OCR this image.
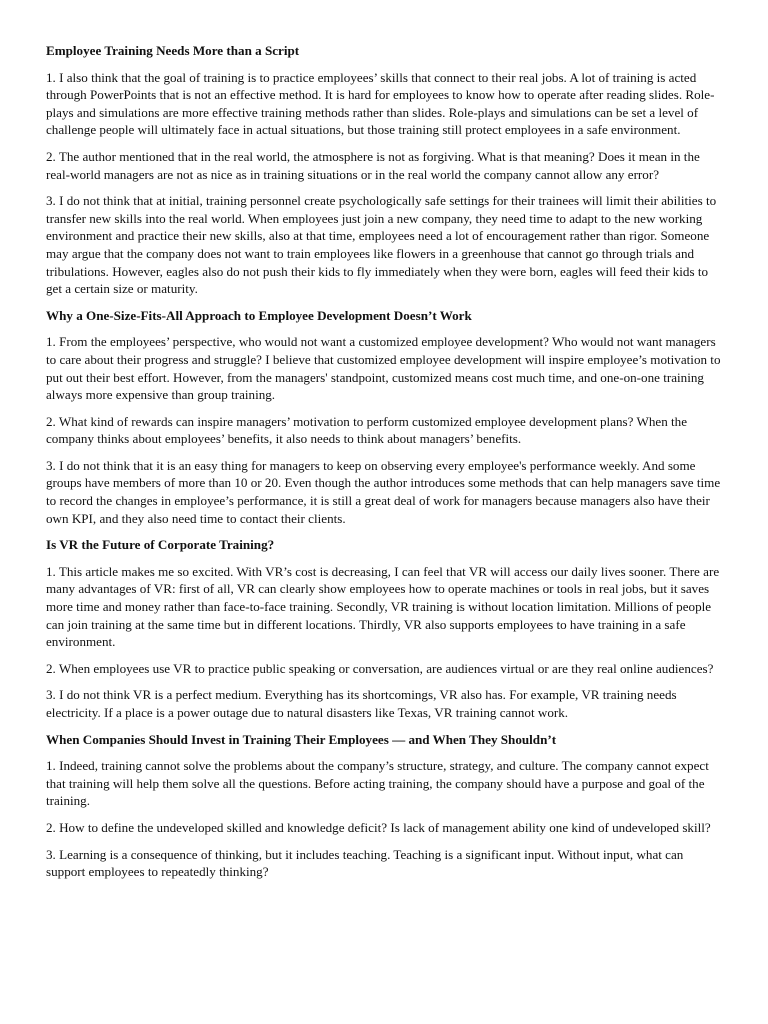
Employee Training Needs More than a Script

1. I also think that the goal of training is to practice employees’ skills that connect to their real jobs. A lot of training is acted through PowerPoints that is not an effective method. It is hard for employees to know how to operate after reading slides. Role-plays and simulations are more effective training methods rather than slides. Role-plays and simulations can be set a level of challenge people will ultimately face in actual situations, but those training still protect employees in a safe environment.

2. The author mentioned that in the real world, the atmosphere is not as forgiving. What is that meaning? Does it mean in the real-world managers are not as nice as in training situations or in the real world the company cannot allow any error?

3. I do not think that at initial, training personnel create psychologically safe settings for their trainees will limit their abilities to transfer new skills into the real world. When employees just join a new company, they need time to adapt to the new working environment and practice their new skills, also at that time, employees need a lot of encouragement rather than rigor. Someone may argue that the company does not want to train employees like flowers in a greenhouse that cannot go through trials and tribulations. However, eagles also do not push their kids to fly immediately when they were born, eagles will feed their kids to get a certain size or maturity.

Why a One-Size-Fits-All Approach to Employee Development Doesn’t Work

1. From the employees’ perspective, who would not want a customized employee development? Who would not want managers to care about their progress and struggle? I believe that customized employee development will inspire employee’s motivation to put out their best effort. However, from the managers' standpoint, customized means cost much time, and one-on-one training always more expensive than group training.

2. What kind of rewards can inspire managers’ motivation to perform customized employee development plans? When the company thinks about employees’ benefits, it also needs to think about managers’ benefits.

3. I do not think that it is an easy thing for managers to keep on observing every employee's performance weekly. And some groups have members of more than 10 or 20. Even though the author introduces some methods that can help managers save time to record the changes in employee’s performance, it is still a great deal of work for managers because managers also have their own KPI, and they also need time to contact their clients.

Is VR the Future of Corporate Training?

1. This article makes me so excited. With VR’s cost is decreasing, I can feel that VR will access our daily lives sooner. There are many advantages of VR: first of all, VR can clearly show employees how to operate machines or tools in real jobs, but it saves more time and money rather than face-to-face training. Secondly, VR training is without location limitation. Millions of people can join training at the same time but in different locations. Thirdly, VR also supports employees to have training in a safe environment.

2. When employees use VR to practice public speaking or conversation, are audiences virtual or are they real online audiences?

3. I do not think VR is a perfect medium. Everything has its shortcomings, VR also has. For example, VR training needs electricity. If a place is a power outage due to natural disasters like Texas, VR training cannot work.

When Companies Should Invest in Training Their Employees — and When They Shouldn’t

1. Indeed, training cannot solve the problems about the company’s structure, strategy, and culture. The company cannot expect that training will help them solve all the questions. Before acting training, the company should have a purpose and goal of the training.

2. How to define the undeveloped skilled and knowledge deficit? Is lack of management ability one kind of undeveloped skill?

3. Learning is a consequence of thinking, but it includes teaching. Teaching is a significant input. Without input, what can support employees to repeatedly thinking?
